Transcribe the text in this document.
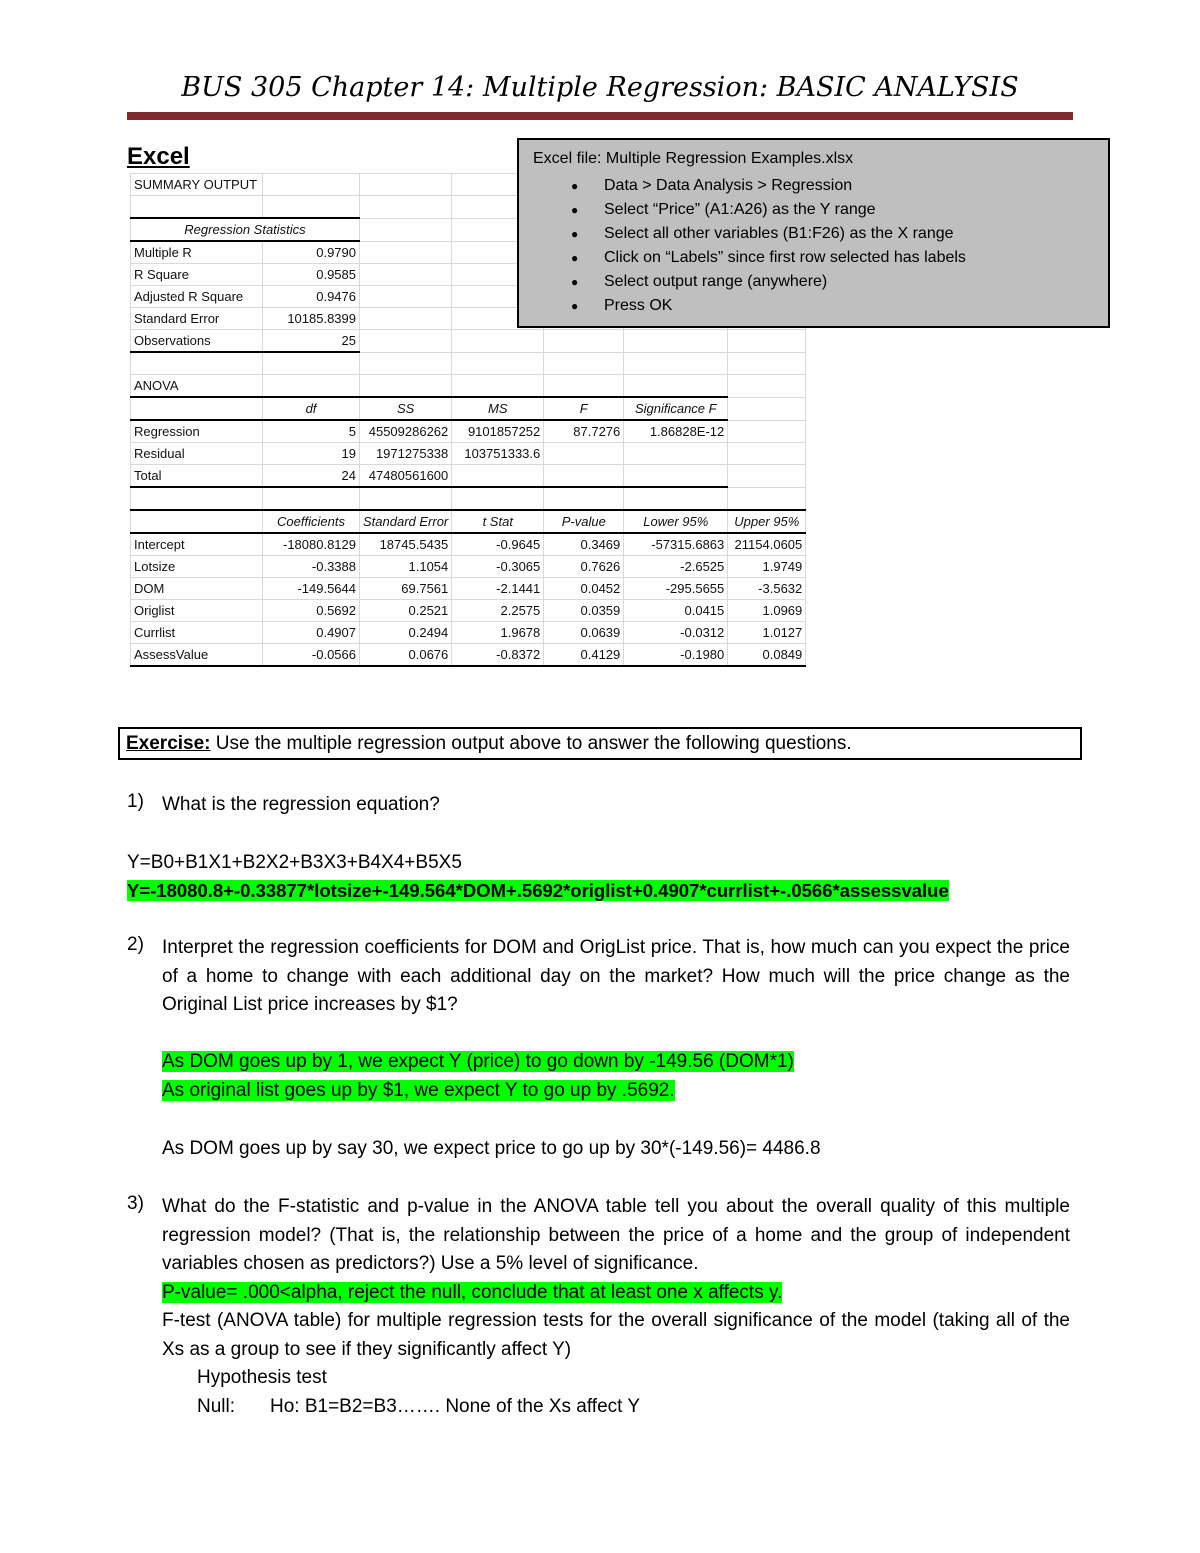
BUS 305 Chapter 14: Multiple Regression: BASIC ANALYSIS
Excel
SUMMARY OUTPUT						

Regression Statistics						
Multiple R	0.9790					
R Square	0.9585					
Adjusted R Square	0.9476					
Standard Error	10185.8399					
Observations	25					

ANOVA						
	df	SS	MS	F	Significance F	
Regression	5	45509286262	9101857252	87.7276	1.86828E-12	
Residual	19	1971275338	103751333.6			
Total	24	47480561600				

	Coefficients	Standard Error	t Stat	P-value	Lower 95%	Upper 95%
Intercept	-18080.8129	18745.5435	-0.9645	0.3469	-57315.6863	21154.0605
Lotsize	-0.3388	1.1054	-0.3065	0.7626	-2.6525	1.9749
DOM	-149.5644	69.7561	-2.1441	0.0452	-295.5655	-3.5632
Origlist	0.5692	0.2521	2.2575	0.0359	0.0415	1.0969
Currlist	0.4907	0.2494	1.9678	0.0639	-0.0312	1.0127
AssessValue	-0.0566	0.0676	-0.8372	0.4129	-0.1980	0.0849
Excel file: Multiple Regression Examples.xlsx
● Data > Data Analysis > Regression
● Select “Price” (A1:A26) as the Y range
● Select all other variables (B1:F26) as the X range
● Click on “Labels” since first row selected has labels
● Select output range (anywhere)
● Press OK
Exercise: Use the multiple regression output above to answer the following questions.
1) What is the regression equation?
Y=B0+B1X1+B2X2+B3X3+B4X4+B5X5
Y=-18080.8+-0.33877*lotsize+-149.564*DOM+.5692*origlist+0.4907*currlist+-.0566*assessvalue
2) Interpret the regression coefficients for DOM and OrigList price. That is, how much can you expect the price of a home to change with each additional day on the market? How much will the price change as the Original List price increases by $1?
As DOM goes up by 1, we expect Y (price) to go down by -149.56 (DOM*1)
As original list goes up by $1, we expect Y to go up by .5692.
As DOM goes up by say 30, we expect price to go up by 30*(-149.56)= 4486.8
3) What do the F-statistic and p-value in the ANOVA table tell you about the overall quality of this multiple regression model? (That is, the relationship between the price of a home and the group of independent variables chosen as predictors?) Use a 5% level of significance.
P-value= .000<alpha, reject the null, conclude that at least one x affects y.
F-test (ANOVA table) for multiple regression tests for the overall significance of the model (taking all of the Xs as a group to see if they significantly affect Y)
Hypothesis test
Null: Ho: B1=B2=B3……. None of the Xs affect Y
